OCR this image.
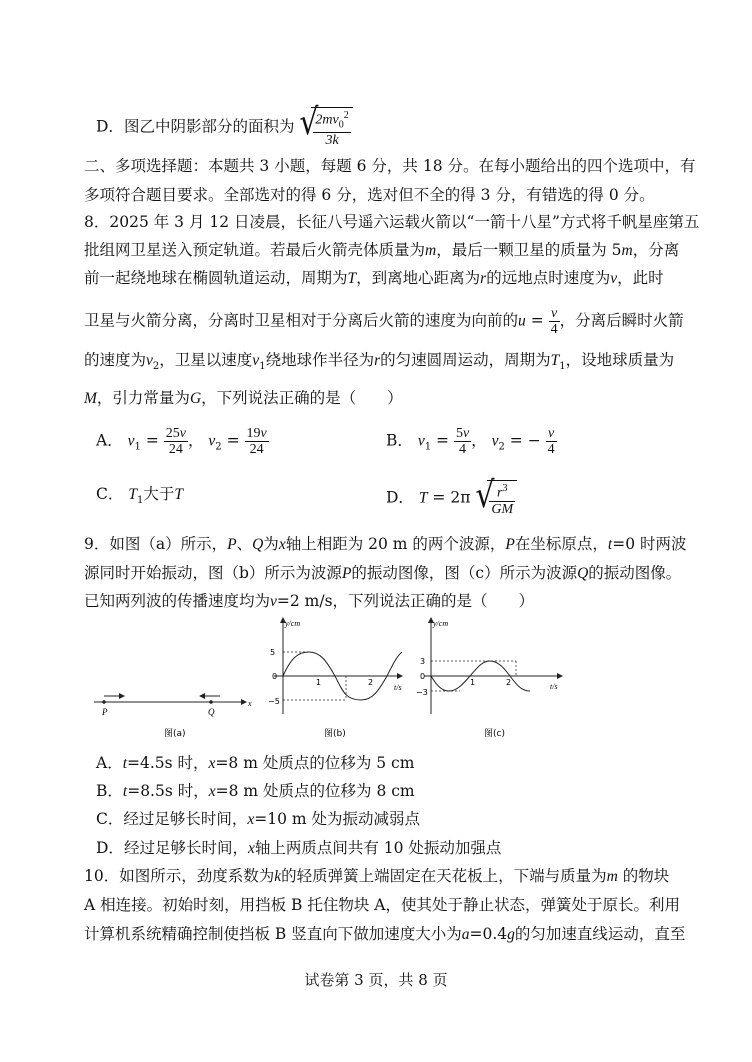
D．图乙中阴影部分的面积为 √
$\frac{2mv_0^2}{3k}$
二、多项选择题：本题共 3 小题，每题 6 分，共 18 分。在每小题给出的四个选项中，有
多项符合题目要求。全部选对的得 6 分，选对但不全的得 3 分，有错选的得 0 分。
8．2025 年 3 月 12 日凌晨，长征八号遥六运载火箭以“一箭十八星”方式将千帆星座第五
批组网卫星送入预定轨道。若最后火箭壳体质量为m，最后一颗卫星的质量为 5m，分离
前一起绕地球在椭圆轨道运动，周期为T，到离地心距离为r的远地点时速度为v，此时
卫星与火箭分离，分离时卫星相对于分离后火箭的速度为向前的$u = \frac{v}{4}$ ，分离后瞬时火箭
的速度为$v_2$，卫星以速度$v_1$绕地球作半径为r的匀速圆周运动，周期为$T_1$，设地球质量为
M，引力常量为G，下列说法正确的是（　　）
A． $v_1 = \frac{25v}{24}$ ， $v_2 = \frac{19v}{24}$	B． $v_1 = \frac{5v}{4}$ ， $v_2$ = − $\frac{v}{4}$
C． $T_1$大于T	D． T = 2π √
$\frac{r^3}{GM}$
9．如图（a）所示，P、Q为x轴上相距为 20 m 的两个波源，P在坐标原点，t=0 时两波
源同时开始振动，图（b）所示为波源P的振动图像，图（c）所示为波源Q的振动图像。
已知两列波的传播速度均为v=2 m/s，下列说法正确的是（　　）
P	Q
x
图(a)
y/cm
t/s
5
0
−5
1	2
图(b)
y/cm
t/s
3
0
−3
1	2
图(c)
A．t=4.5s 时，x=8 m 处质点的位移为 5 cm
B．t=8.5s 时，x=8 m 处质点的位移为 8 cm
C．经过足够长时间，x=10 m 处为振动减弱点
D．经过足够长时间，x轴上两质点间共有 10 处振动加强点
10．如图所示，劲度系数为k的轻质弹簧上端固定在天花板上，下端与质量为m 的物块
A 相连接。初始时刻，用挡板 B 托住物块 A，使其处于静止状态，弹簧处于原长。利用
计算机系统精确控制使挡板 B 竖直向下做加速度大小为a=0.4g的匀加速直线运动，直至
试卷第 3 页，共 8 页
